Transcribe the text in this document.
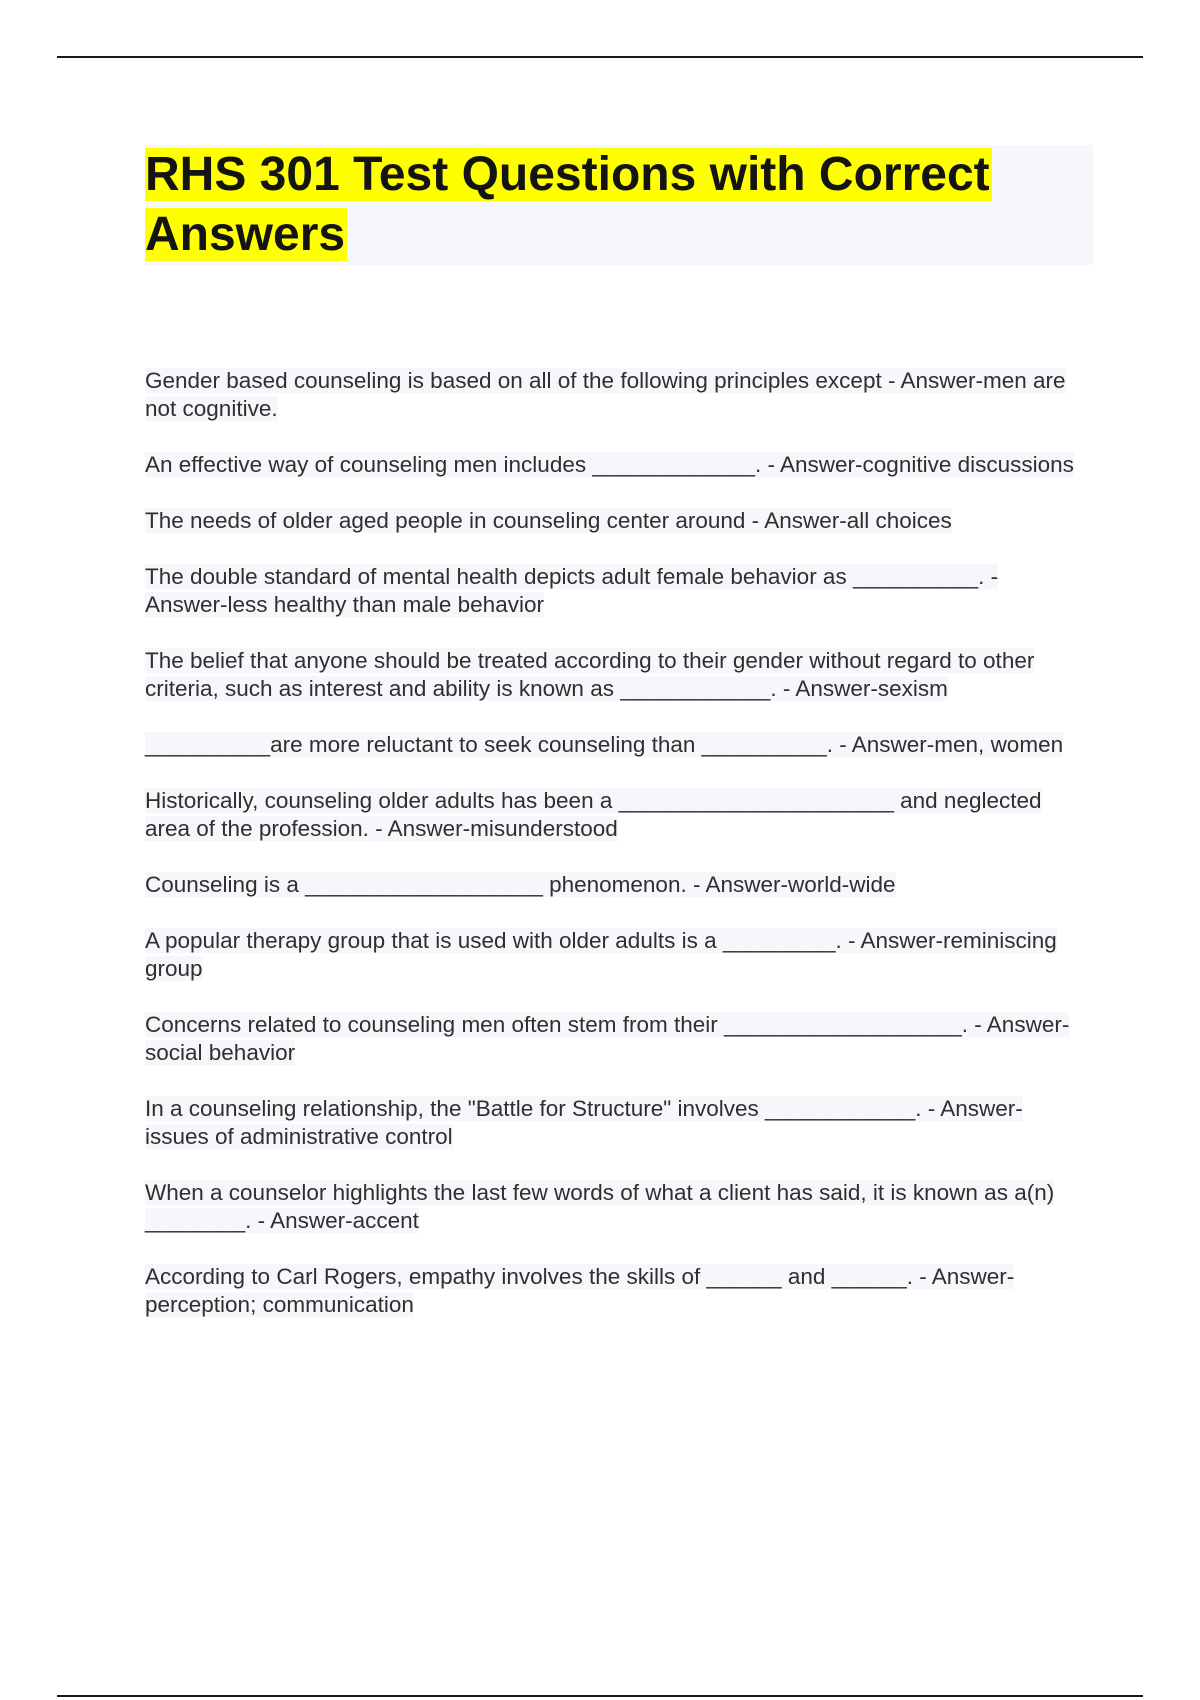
RHS 301 Test Questions with Correct Answers
Gender based counseling is based on all of the following principles except - Answer-men are not cognitive.
An effective way of counseling men includes _____________. - Answer-cognitive discussions
The needs of older aged people in counseling center around - Answer-all choices
The double standard of mental health depicts adult female behavior as __________. - Answer-less healthy than male behavior
The belief that anyone should be treated according to their gender without regard to other criteria, such as interest and ability is known as ____________. - Answer-sexism
__________are more reluctant to seek counseling than __________. - Answer-men, women
Historically, counseling older adults has been a ______________________ and neglected area of the profession. - Answer-misunderstood
Counseling is a ___________________ phenomenon. - Answer-world-wide
A popular therapy group that is used with older adults is a _________. - Answer-reminiscing group
Concerns related to counseling men often stem from their ___________________. - Answer-social behavior
In a counseling relationship, the "Battle for Structure" involves ____________. - Answer-issues of administrative control
When a counselor highlights the last few words of what a client has said, it is known as a(n) ________. - Answer-accent
According to Carl Rogers, empathy involves the skills of ______ and ______. - Answer-perception; communication
